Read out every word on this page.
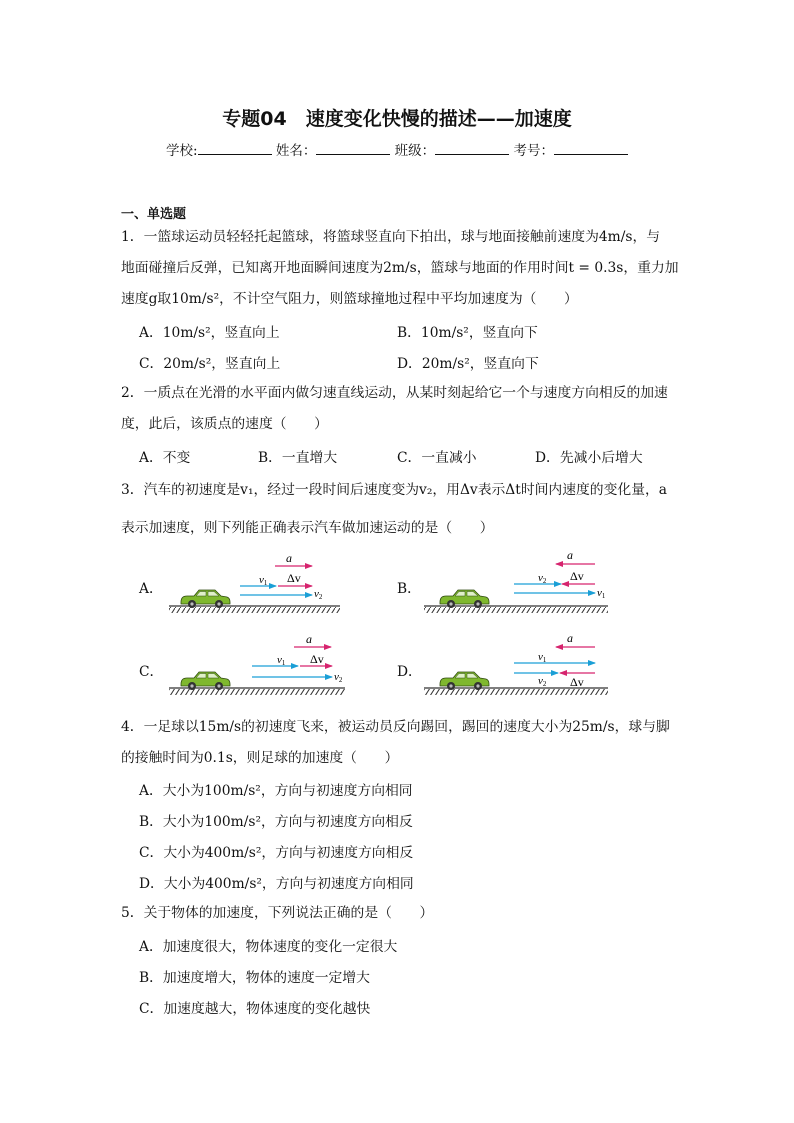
专题04　速度变化快慢的描述——加速度
学校:	姓名：	班级：	考号：
一、单选题
1．一篮球运动员轻轻托起篮球，将篮球竖直向下拍出，球与地面接触前速度为4m/s，与
地面碰撞后反弹，已知离开地面瞬间速度为2m/s，篮球与地面的作用时间t = 0.3s，重力加
速度g取10m/s²，不计空气阻力，则篮球撞地过程中平均加速度为（　　）
A．10m/s²，竖直向上	B．10m/s²，竖直向下
C．20m/s²，竖直向上	D．20m/s²，竖直向下
2．一质点在光滑的水平面内做匀速直线运动，从某时刻起给它一个与速度方向相反的加速
度，此后，该质点的速度（　　）
A．不变	B．一直增大	C．一直减小	D．先减小后增大
3．汽车的初速度是v₁，经过一段时间后速度变为v₂，用Δv表示Δt时间内速度的变化量，a
表示加速度，则下列能正确表示汽车做加速运动的是（　　）
A．	B．
C．	D．
a
v1 Δv
v2
a
v2 Δv
v1
a
v1 Δv
v2
a
v1
v2 Δv
4．一足球以15m/s的初速度飞来，被运动员反向踢回，踢回的速度大小为25m/s，球与脚
的接触时间为0.1s，则足球的加速度（　　）
A．大小为100m/s²，方向与初速度方向相同
B．大小为100m/s²，方向与初速度方向相反
C．大小为400m/s²，方向与初速度方向相反
D．大小为400m/s²，方向与初速度方向相同
5．关于物体的加速度，下列说法正确的是（　　）
A．加速度很大，物体速度的变化一定很大
B．加速度增大，物体的速度一定增大
C．加速度越大，物体速度的变化越快
